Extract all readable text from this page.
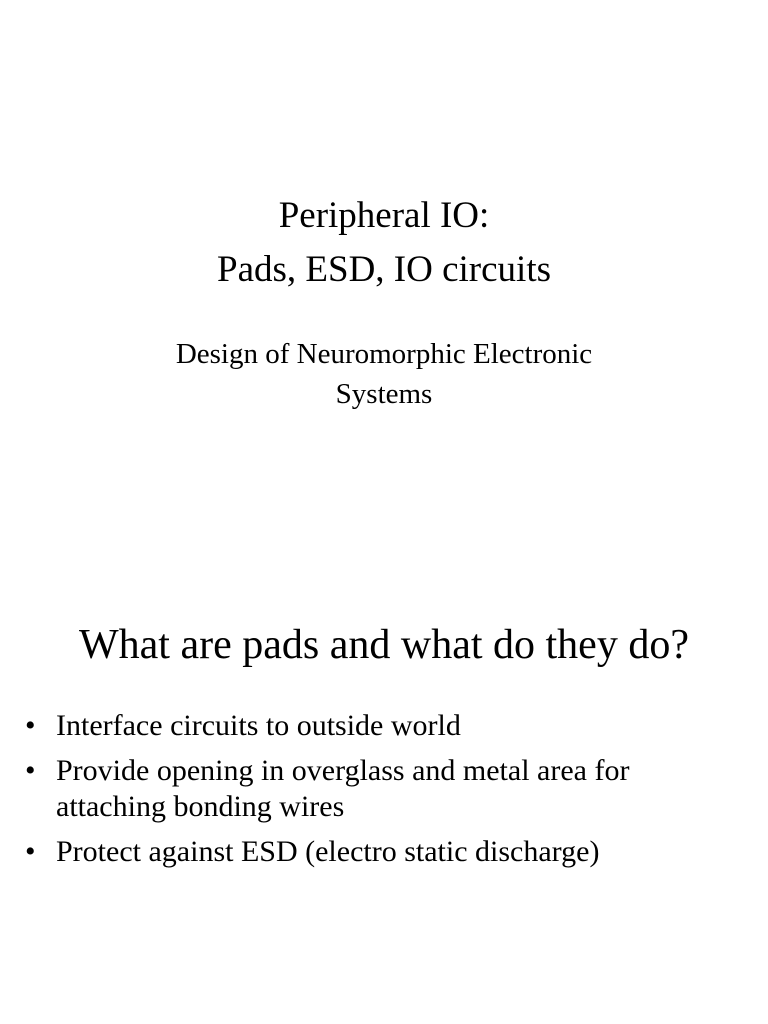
Peripheral IO:
Pads, ESD, IO circuits
Design of Neuromorphic Electronic
Systems
What are pads and what do they do?
• Interface circuits to outside world
• Provide opening in overglass and metal area for
attaching bonding wires
• Protect against ESD (electro static discharge)
